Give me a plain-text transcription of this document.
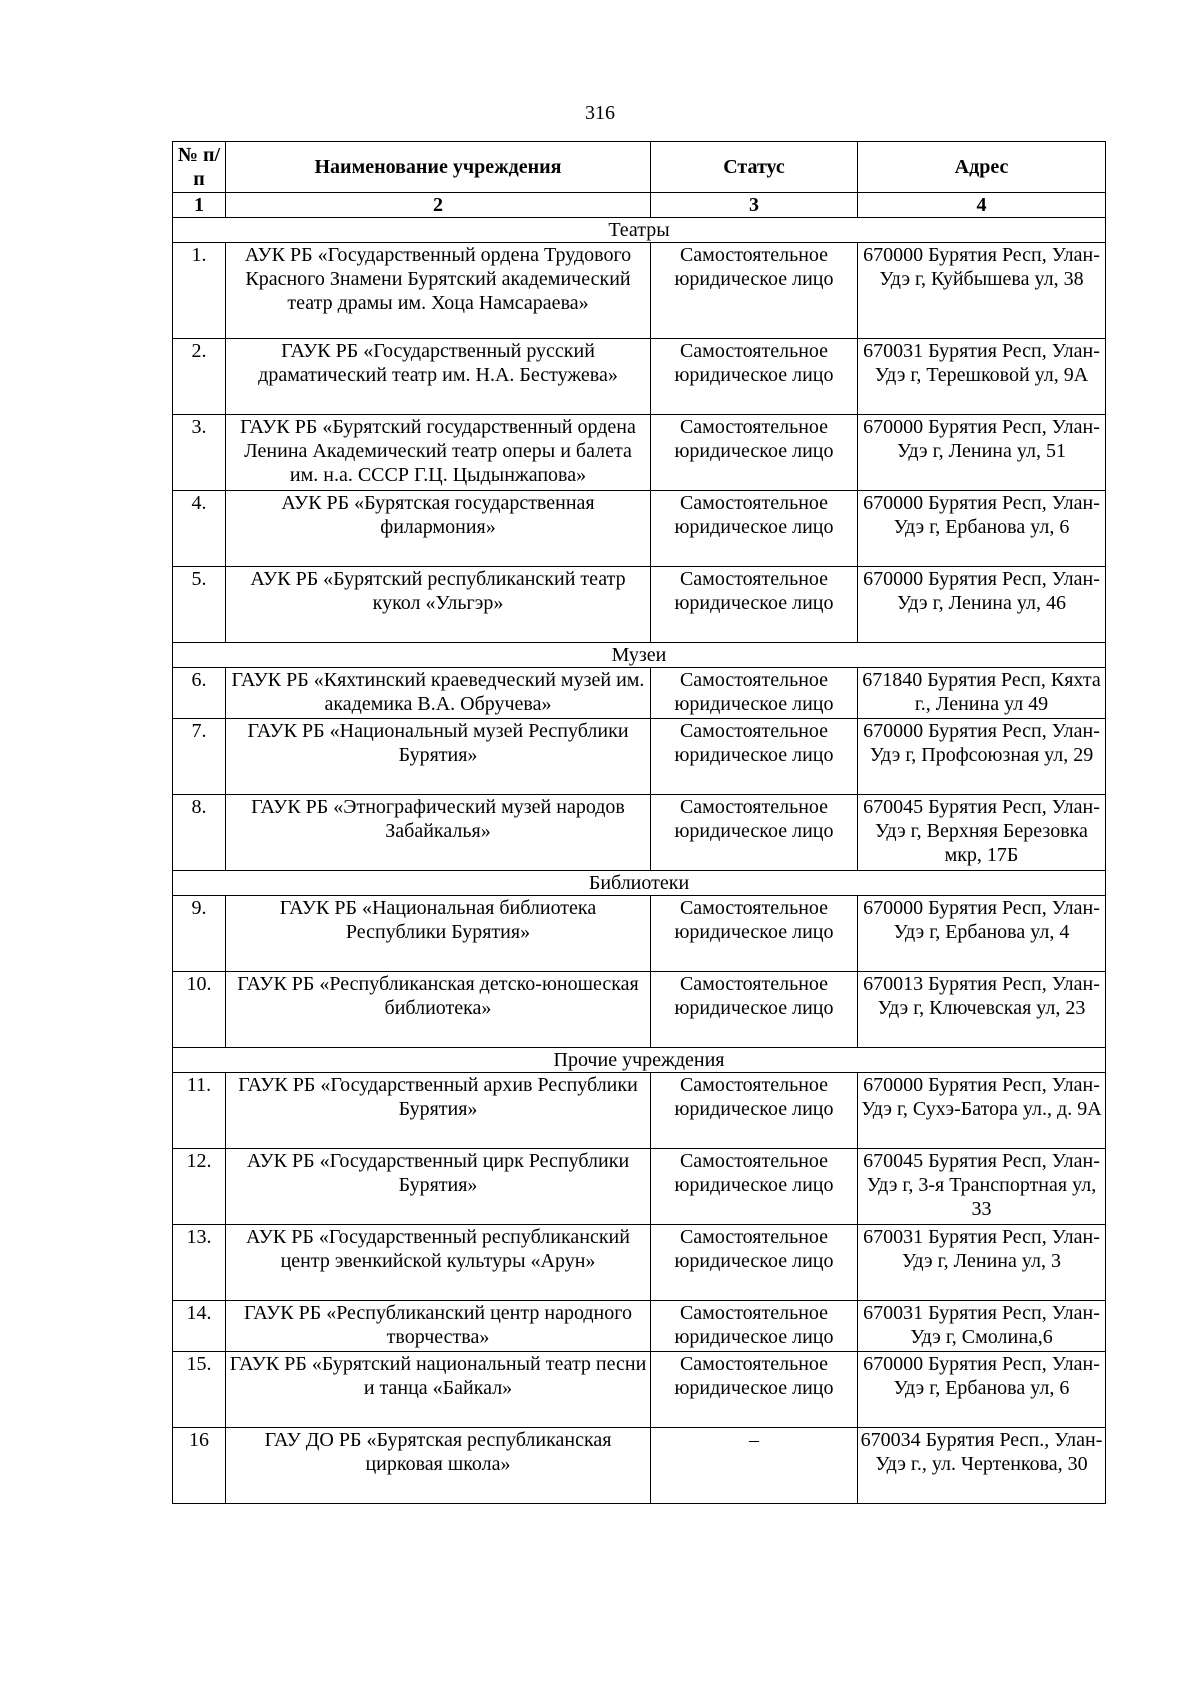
316
№ п/п	Наименование учреждения	Статус	Адрес
1	2	3	4
Театры			
1.	АУК РБ «Государственный ордена Трудового Красного Знамени Бурятский академический театр драмы им. Хоца Намсараева»	Самостоятельное юридическое лицо	670000 Бурятия Респ, Улан-Удэ г, Куйбышева ул, 38
2.	ГАУК РБ «Государственный русский драматический театр им. Н.А. Бестужева»	Самостоятельное юридическое лицо	670031 Бурятия Респ, Улан-Удэ г, Терешковой ул, 9А
3.	ГАУК РБ «Бурятский государственный ордена Ленина Академический театр оперы и балета им. н.а. СССР Г.Ц. Цыдынжапова»	Самостоятельное юридическое лицо	670000 Бурятия Респ, Улан-Удэ г, Ленина ул, 51
4.	АУК РБ «Бурятская государственная филармония»	Самостоятельное юридическое лицо	670000 Бурятия Респ, Улан-Удэ г, Ербанова ул, 6
5.	АУК РБ «Бурятский республиканский театр кукол «Ульгэр»	Самостоятельное юридическое лицо	670000 Бурятия Респ, Улан-Удэ г, Ленина ул, 46
Музеи			
6.	ГАУК РБ «Кяхтинский краеведческий музей им. академика В.А. Обручева»	Самостоятельное юридическое лицо	671840 Бурятия Респ, Кяхта г., Ленина ул 49
7.	ГАУК РБ «Национальный музей Республики Бурятия»	Самостоятельное юридическое лицо	670000 Бурятия Респ, Улан-Удэ г, Профсоюзная ул, 29
8.	ГАУК РБ «Этнографический музей народов Забайкалья»	Самостоятельное юридическое лицо	670045 Бурятия Респ, Улан-Удэ г, Верхняя Березовка мкр, 17Б
Библиотеки			
9.	ГАУК РБ «Национальная библиотека Республики Бурятия»	Самостоятельное юридическое лицо	670000 Бурятия Респ, Улан-Удэ г, Ербанова ул, 4
10.	ГАУК РБ «Республиканская детско-юношеская библиотека»	Самостоятельное юридическое лицо	670013 Бурятия Респ, Улан-Удэ г, Ключевская ул, 23
Прочие учреждения			
11.	ГАУК РБ «Государственный архив Республики Бурятия»	Самостоятельное юридическое лицо	670000 Бурятия Респ, Улан-Удэ г, Сухэ-Батора ул., д. 9А
12.	АУК РБ «Государственный цирк Республики Бурятия»	Самостоятельное юридическое лицо	670045 Бурятия Респ, Улан-Удэ г, 3-я Транспортная ул, 33
13.	АУК РБ «Государственный республиканский центр эвенкийской культуры «Арун»	Самостоятельное юридическое лицо	670031 Бурятия Респ, Улан-Удэ г, Ленина ул, 3
14.	ГАУК РБ «Республиканский центр народного творчества»	Самостоятельное юридическое лицо	670031 Бурятия Респ, Улан-Удэ г, Смолина,6
15.	ГАУК РБ «Бурятский национальный театр песни и танца «Байкал»	Самостоятельное юридическое лицо	670000 Бурятия Респ, Улан-Удэ г, Ербанова ул, 6
16	ГАУ ДО РБ «Бурятская республиканская цирковая школа»	–	670034 Бурятия Респ., Улан-Удэ г., ул. Чертенкова, 30
